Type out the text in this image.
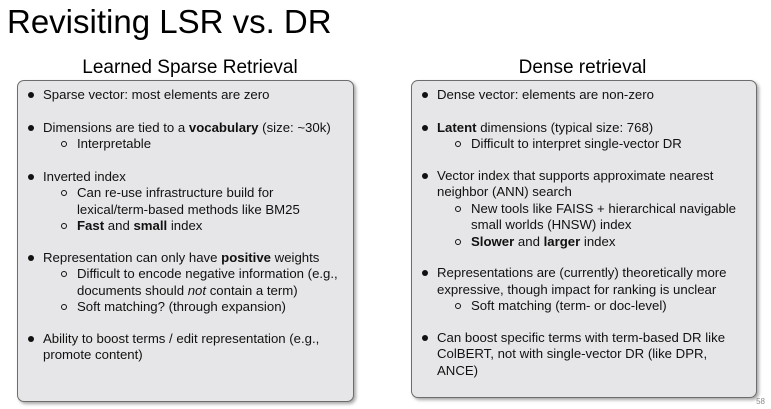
Revisiting LSR vs. DR
Learned Sparse Retrieval
Sparse vector: most elements are zero
Dimensions are tied to a vocabulary (size: ~30k)
Interpretable
Inverted index
Can re-use infrastructure build for lexical/term-based methods like BM25
Fast and small index
Representation can only have positive weights
Difficult to encode negative information (e.g., documents should not contain a term)
Soft matching? (through expansion)
Ability to boost terms / edit representation (e.g., promote content)
Dense retrieval
Dense vector: elements are non-zero
Latent dimensions (typical size: 768)
Difficult to interpret single-vector DR
Vector index that supports approximate nearest neighbor (ANN) search
New tools like FAISS + hierarchical navigable small worlds (HNSW) index
Slower and larger index
Representations are (currently) theoretically more expressive, though impact for ranking is unclear
Soft matching (term- or doc-level)
Can boost specific terms with term-based DR like ColBERT, not with single-vector DR (like DPR, ANCE)
58
